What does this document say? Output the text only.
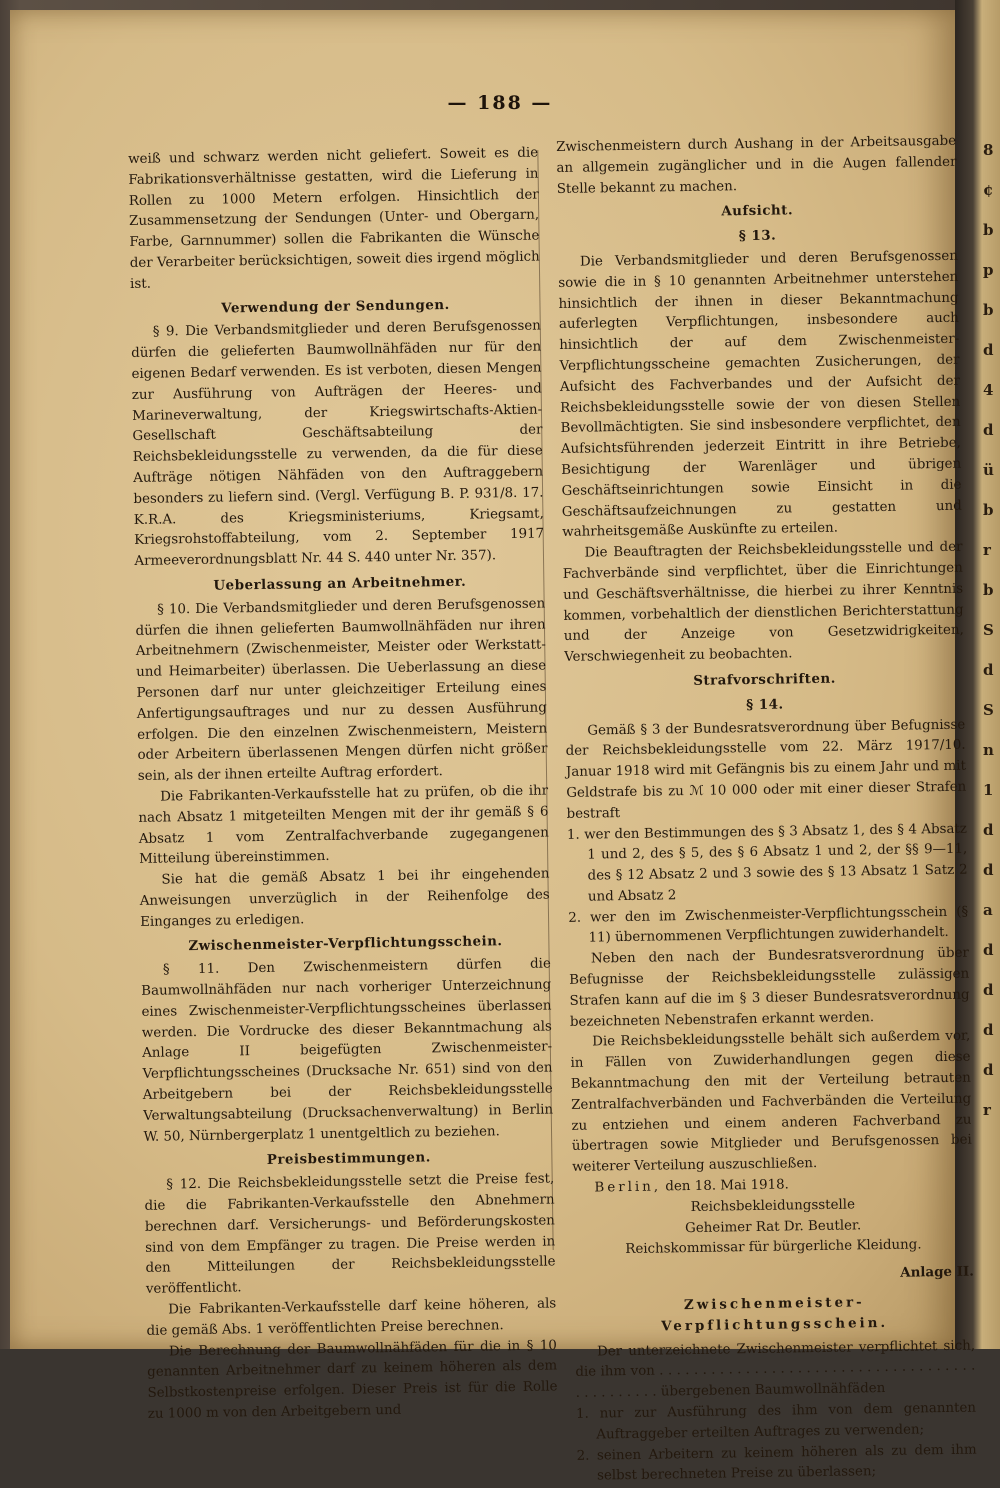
8
¢
b
p
b
d
4
d
ü
b
r
b
S
d
S
n
1
d
d
a
d
d
d
d
r
— 188 —

weiß und schwarz werden nicht geliefert. Soweit es die Fabrikationsverhältnisse gestatten, wird die Lieferung in Rollen zu 1000 Metern erfolgen. Hinsichtlich der Zusammensetzung der Sendungen (Unter- und Obergarn, Farbe, Garnnummer) sollen die Fabrikanten die Wünsche der Verarbeiter berücksichtigen, soweit dies irgend möglich ist.

Verwendung der Sendungen.

§ 9. Die Verbandsmitglieder und deren Berufsgenossen dürfen die gelieferten Baumwollnähfäden nur für den eigenen Bedarf verwenden. Es ist verboten, diesen Mengen zur Ausführung von Aufträgen der Heeres- und Marineverwaltung, der Kriegswirtschafts-Aktien-Gesellschaft Geschäftsabteilung der Reichsbekleidungsstelle zu verwenden, da die für diese Aufträge nötigen Nähfäden von den Auftraggebern besonders zu liefern sind. (Vergl. Verfügung B. P. 931/8. 17. K.R.A. des Kriegsministeriums, Kriegsamt, Kriegsrohstoffabteilung, vom 2. September 1917 Armeeverordnungsblatt Nr. 44 S. 440 unter Nr. 357).

Ueberlassung an Arbeitnehmer.

§ 10. Die Verbandsmitglieder und deren Berufsgenossen dürfen die ihnen gelieferten Baumwollnähfäden nur ihren Arbeitnehmern (Zwischenmeister, Meister oder Werkstatt- und Heimarbeiter) überlassen. Die Ueberlassung an diese Personen darf nur unter gleichzeitiger Erteilung eines Anfertigungsauftrages und nur zu dessen Ausführung erfolgen. Die den einzelnen Zwischenmeistern, Meistern oder Arbeitern überlassenen Mengen dürfen nicht größer sein, als der ihnen erteilte Auftrag erfordert.

Die Fabrikanten-Verkaufsstelle hat zu prüfen, ob die ihr nach Absatz 1 mitgeteilten Mengen mit der ihr gemäß § 6 Absatz 1 vom Zentralfachverbande zugegangenen Mitteilung übereinstimmen.

Sie hat die gemäß Absatz 1 bei ihr eingehenden Anweisungen unverzüglich in der Reihenfolge des Einganges zu erledigen.

Zwischenmeister-Verpflichtungsschein.

§ 11. Den Zwischenmeistern dürfen die Baumwollnähfäden nur nach vorheriger Unterzeichnung eines Zwischenmeister-Verpflichtungsscheines überlassen werden. Die Vordrucke des dieser Bekanntmachung als Anlage II beigefügten Zwischenmeister-Verpflichtungsscheines (Drucksache Nr. 651) sind von den Arbeitgebern bei der Reichsbekleidungsstelle Verwaltungsabteilung (Drucksachenverwaltung) in Berlin W. 50, Nürnbergerplatz 1 unentgeltlich zu beziehen.

Preisbestimmungen.

§ 12. Die Reichsbekleidungsstelle setzt die Preise fest, die die Fabrikanten-Verkaufsstelle den Abnehmern berechnen darf. Versicherungs- und Beförderungskosten sind von dem Empfänger zu tragen. Die Preise werden in den Mitteilungen der Reichsbekleidungsstelle veröffentlicht.

Die Fabrikanten-Verkaufsstelle darf keine höheren, als die gemäß Abs. 1 veröffentlichten Preise berechnen.

Die Berechnung der Baumwollnähfäden für die in § 10 genannten Arbeitnehmer darf zu keinem höheren als dem Selbstkostenpreise erfolgen. Dieser Preis ist für die Rolle zu 1000 m von den Arbeitgebern und

Zwischenmeistern durch Aushang in der Arbeitsausgabe an allgemein zugänglicher und in die Augen fallender Stelle bekannt zu machen.

Aufsicht.
§ 13.

Die Verbandsmitglieder und deren Berufsgenossen sowie die in § 10 genannten Arbeitnehmer unterstehen hinsichtlich der ihnen in dieser Bekanntmachung auferlegten Verpflichtungen, insbesondere auch hinsichtlich der auf dem Zwischenmeister-Verpflichtungsscheine gemachten Zusicherungen, der Aufsicht des Fachverbandes und der Aufsicht der Reichsbekleidungsstelle sowie der von diesen Stellen Bevollmächtigten. Sie sind insbesondere verpflichtet, den Aufsichtsführenden jederzeit Eintritt in ihre Betriebe, Besichtigung der Warenläger und übrigen Geschäftseinrichtungen sowie Einsicht in die Geschäftsaufzeichnungen zu gestatten und wahrheitsgemäße Auskünfte zu erteilen.

Die Beauftragten der Reichsbekleidungsstelle und der Fachverbände sind verpflichtet, über die Einrichtungen und Geschäftsverhältnisse, die hierbei zu ihrer Kenntnis kommen, vorbehaltlich der dienstlichen Berichterstattung und der Anzeige von Gesetzwidrigkeiten, Verschwiegenheit zu beobachten.

Strafvorschriften.
§ 14.

Gemäß § 3 der Bundesratsverordnung über Befugnisse der Reichsbekleidungsstelle vom 22. März 1917/10. Januar 1918 wird mit Gefängnis bis zu einem Jahr und mit Geldstrafe bis zu ℳ 10 000 oder mit einer dieser Strafen bestraft

1. wer den Bestimmungen des § 3 Absatz 1, des § 4 Absatz 1 und 2, des § 5, des § 6 Absatz 1 und 2, der §§ 9—11, des § 12 Absatz 2 und 3 sowie des § 13 Absatz 1 Satz 2 und Absatz 2

2. wer den im Zwischenmeister-Verpflichtungsschein (§ 11) übernommenen Verpflichtungen zuwiderhandelt.

Neben den nach der Bundesratsverordnung über Befugnisse der Reichsbekleidungsstelle zulässigen Strafen kann auf die im § 3 dieser Bundesratsverordnung bezeichneten Nebenstrafen erkannt werden.

Die Reichsbekleidungsstelle behält sich außerdem vor, in Fällen von Zuwiderhandlungen gegen diese Bekanntmachung den mit der Verteilung betrauten Zentralfachverbänden und Fachverbänden die Verteilung zu entziehen und einem anderen Fachverband zu übertragen sowie Mitglieder und Berufsgenossen bei weiterer Verteilung auszuschließen.

Berlin, den 18. Mai 1918.

Reichsbekleidungsstelle
Geheimer Rat Dr. Beutler.
Reichskommissar für bürgerliche Kleidung.
Anlage II.
Zwischenmeister-Verpflichtungsschein.

Der unterzeichnete Zwischenmeister verpflichtet sich, die ihm von . . . . . . . . . . . . . . . . . . . . . . . . . . . . . . . . . . . . . . . . . . . . . . . übergebenen Baumwollnähfäden

1. nur zur Ausführung des ihm von dem genannten Auftraggeber erteilten Auftrages zu verwenden;

2. seinen Arbeitern zu keinem höheren als zu dem ihm selbst berechneten Preise zu überlassen;
